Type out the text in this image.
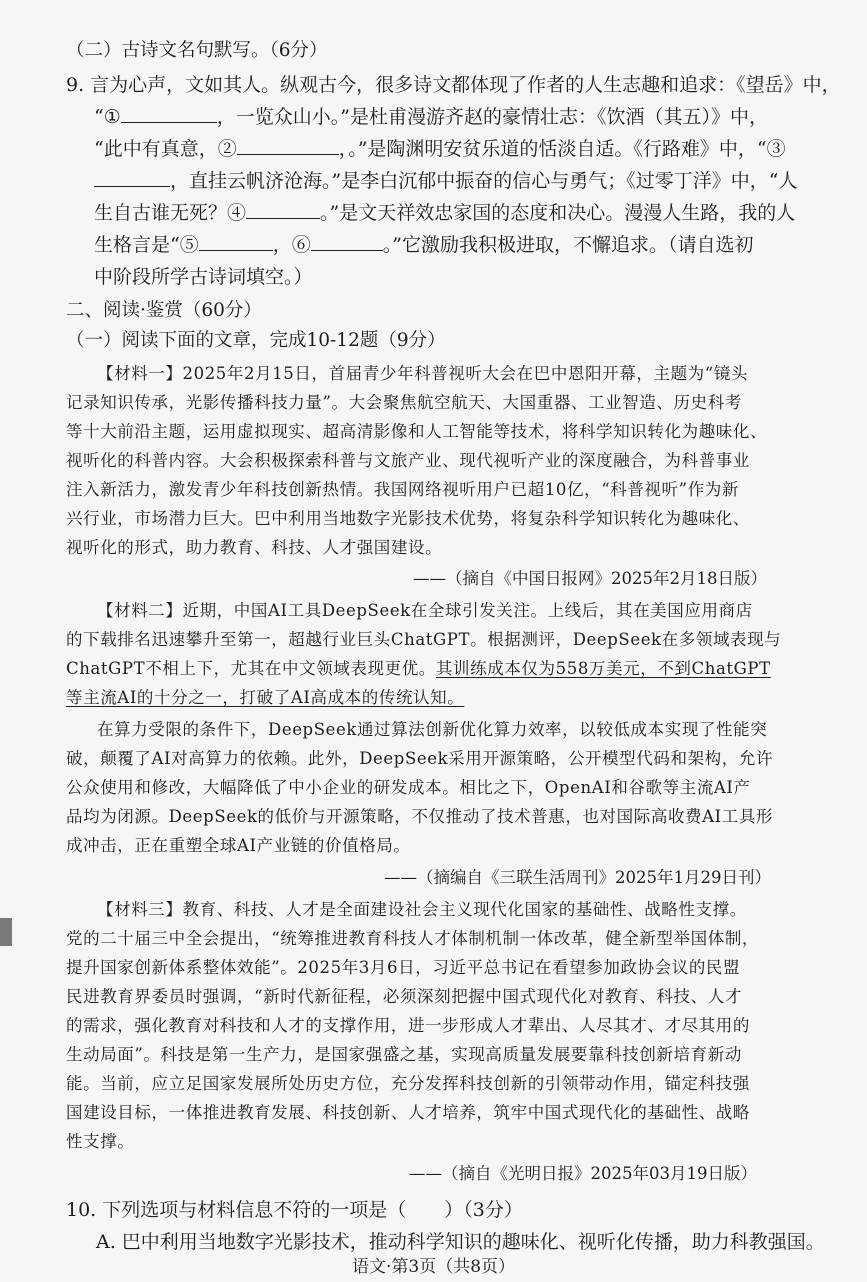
（二）古诗文名句默写。（6分）
9. 言为心声，文如其人。纵观古今，很多诗文都体现了作者的人生志趣和追求：《望岳》中，
“①	，一览众山小。”是杜甫漫游齐赵的豪情壮志：《饮酒（其五）》中，
“此中有真意，②	，。”是陶渊明安贫乐道的恬淡自适。《行路难》中，“③
，直挂云帆济沧海。”是李白沉郁中振奋的信心与勇气；《过零丁洋》中，“人
生自古谁无死？④	。”是文天祥效忠家国的态度和决心。漫漫人生路，我的人
生格言是“⑤	，⑥	。”它激励我积极进取，不懈追求。（请自选初
中阶段所学古诗词填空。）
二、阅读·鉴赏（60分）
（一）阅读下面的文章，完成10-12题（9分）
【材料一】2025年2月15日，首届青少年科普视听大会在巴中恩阳开幕，主题为“镜头
记录知识传承，光影传播科技力量”。大会聚焦航空航天、大国重器、工业智造、历史科考
等十大前沿主题，运用虚拟现实、超高清影像和人工智能等技术，将科学知识转化为趣味化、
视听化的科普内容。大会积极探索科普与文旅产业、现代视听产业的深度融合，为科普事业
注入新活力，激发青少年科技创新热情。我国网络视听用户已超10亿，“科普视听”作为新
兴行业，市场潜力巨大。巴中利用当地数字光影技术优势，将复杂科学知识转化为趣味化、
视听化的形式，助力教育、科技、人才强国建设。
——（摘自《中国日报网》2025年2月18日版）
【材料二】近期，中国AI工具DeepSeek在全球引发关注。上线后，其在美国应用商店
的下载排名迅速攀升至第一，超越行业巨头ChatGPT。根据测评，DeepSeek在多领域表现与
ChatGPT不相上下，尤其在中文领域表现更优。其训练成本仅为558万美元，不到ChatGPT
等主流AI的十分之一，打破了AI高成本的传统认知。
在算力受限的条件下，DeepSeek通过算法创新优化算力效率，以较低成本实现了性能突
破，颠覆了AI对高算力的依赖。此外，DeepSeek采用开源策略，公开模型代码和架构，允许
公众使用和修改，大幅降低了中小企业的研发成本。相比之下，OpenAI和谷歌等主流AI产
品均为闭源。DeepSeek的低价与开源策略，不仅推动了技术普惠，也对国际高收费AI工具形
成冲击，正在重塑全球AI产业链的价值格局。
——（摘编自《三联生活周刊》2025年1月29日刊）
【材料三】教育、科技、人才是全面建设社会主义现代化国家的基础性、战略性支撑。
党的二十届三中全会提出，“统筹推进教育科技人才体制机制一体改革，健全新型举国体制，
提升国家创新体系整体效能”。2025年3月6日，习近平总书记在看望参加政协会议的民盟
民进教育界委员时强调，“新时代新征程，必须深刻把握中国式现代化对教育、科技、人才
的需求，强化教育对科技和人才的支撑作用，进一步形成人才辈出、人尽其才、才尽其用的
生动局面”。科技是第一生产力，是国家强盛之基，实现高质量发展要靠科技创新培育新动
能。当前，应立足国家发展所处历史方位，充分发挥科技创新的引领带动作用，锚定科技强
国建设目标，一体推进教育发展、科技创新、人才培养，筑牢中国式现代化的基础性、战略
性支撑。
——（摘自《光明日报》2025年03月19日版）
10. 下列选项与材料信息不符的一项是（　　）（3分）
A. 巴中利用当地数字光影技术，推动科学知识的趣味化、视听化传播，助力科教强国。
语文·第3页（共8页）
